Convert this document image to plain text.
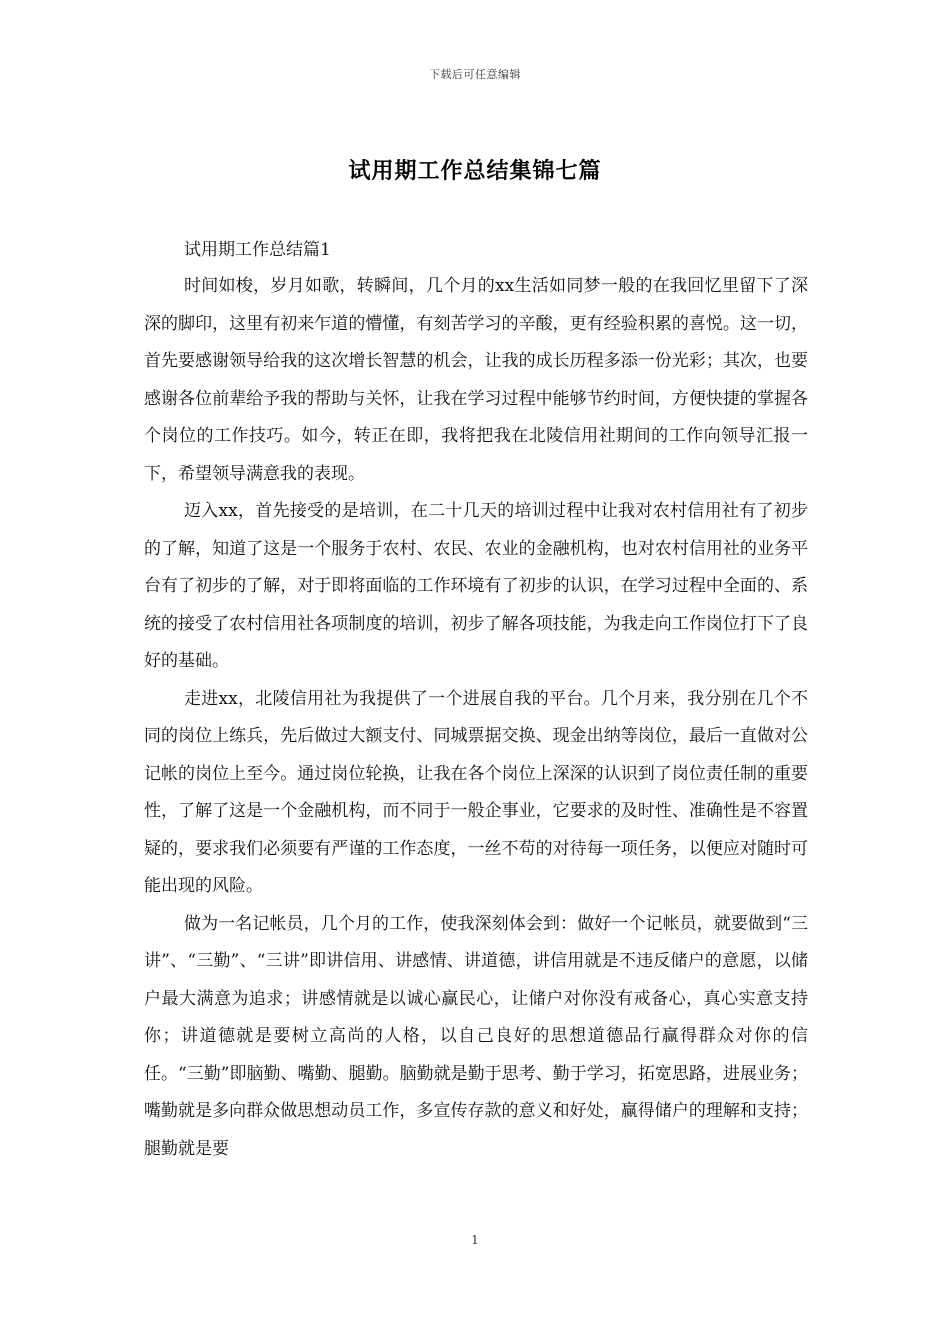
下载后可任意编辑
试用期工作总结集锦七篇

试用期工作总结篇1

时间如梭，岁月如歌，转瞬间，几个月的xx生活如同梦一般的在我回忆里留下了深深的脚印，这里有初来乍道的懵懂，有刻苦学习的辛酸，更有经验积累的喜悦。这一切，首先要感谢领导给我的这次增长智慧的机会，让我的成长历程多添一份光彩；其次，也要感谢各位前辈给予我的帮助与关怀，让我在学习过程中能够节约时间，方便快捷的掌握各个岗位的工作技巧。如今，转正在即，我将把我在北陵信用社期间的工作向领导汇报一下，希望领导满意我的表现。

迈入xx，首先接受的是培训，在二十几天的培训过程中让我对农村信用社有了初步的了解，知道了这是一个服务于农村、农民、农业的金融机构，也对农村信用社的业务平台有了初步的了解，对于即将面临的工作环境有了初步的认识，在学习过程中全面的、系统的接受了农村信用社各项制度的培训，初步了解各项技能，为我走向工作岗位打下了良好的基础。

走进xx，北陵信用社为我提供了一个进展自我的平台。几个月来，我分别在几个不同的岗位上练兵，先后做过大额支付、同城票据交换、现金出纳等岗位，最后一直做对公记帐的岗位上至今。通过岗位轮换，让我在各个岗位上深深的认识到了岗位责任制的重要性，了解了这是一个金融机构，而不同于一般企事业，它要求的及时性、准确性是不容置疑的，要求我们必须要有严谨的工作态度，一丝不苟的对待每一项任务，以便应对随时可能出现的风险。

做为一名记帐员，几个月的工作，使我深刻体会到：做好一个记帐员，就要做到“三讲”、“三勤”、“三讲”即讲信用、讲感情、讲道德，讲信用就是不违反储户的意愿，以储户最大满意为追求；讲感情就是以诚心赢民心，让储户对你没有戒备心，真心实意支持你；讲道德就是要树立高尚的人格，以自己良好的思想道德品行赢得群众对你的信任。“三勤”即脑勤、嘴勤、腿勤。脑勤就是勤于思考、勤于学习，拓宽思路，进展业务；嘴勤就是多向群众做思想动员工作，多宣传存款的意义和好处，赢得储户的理解和支持；腿勤就是要

1
